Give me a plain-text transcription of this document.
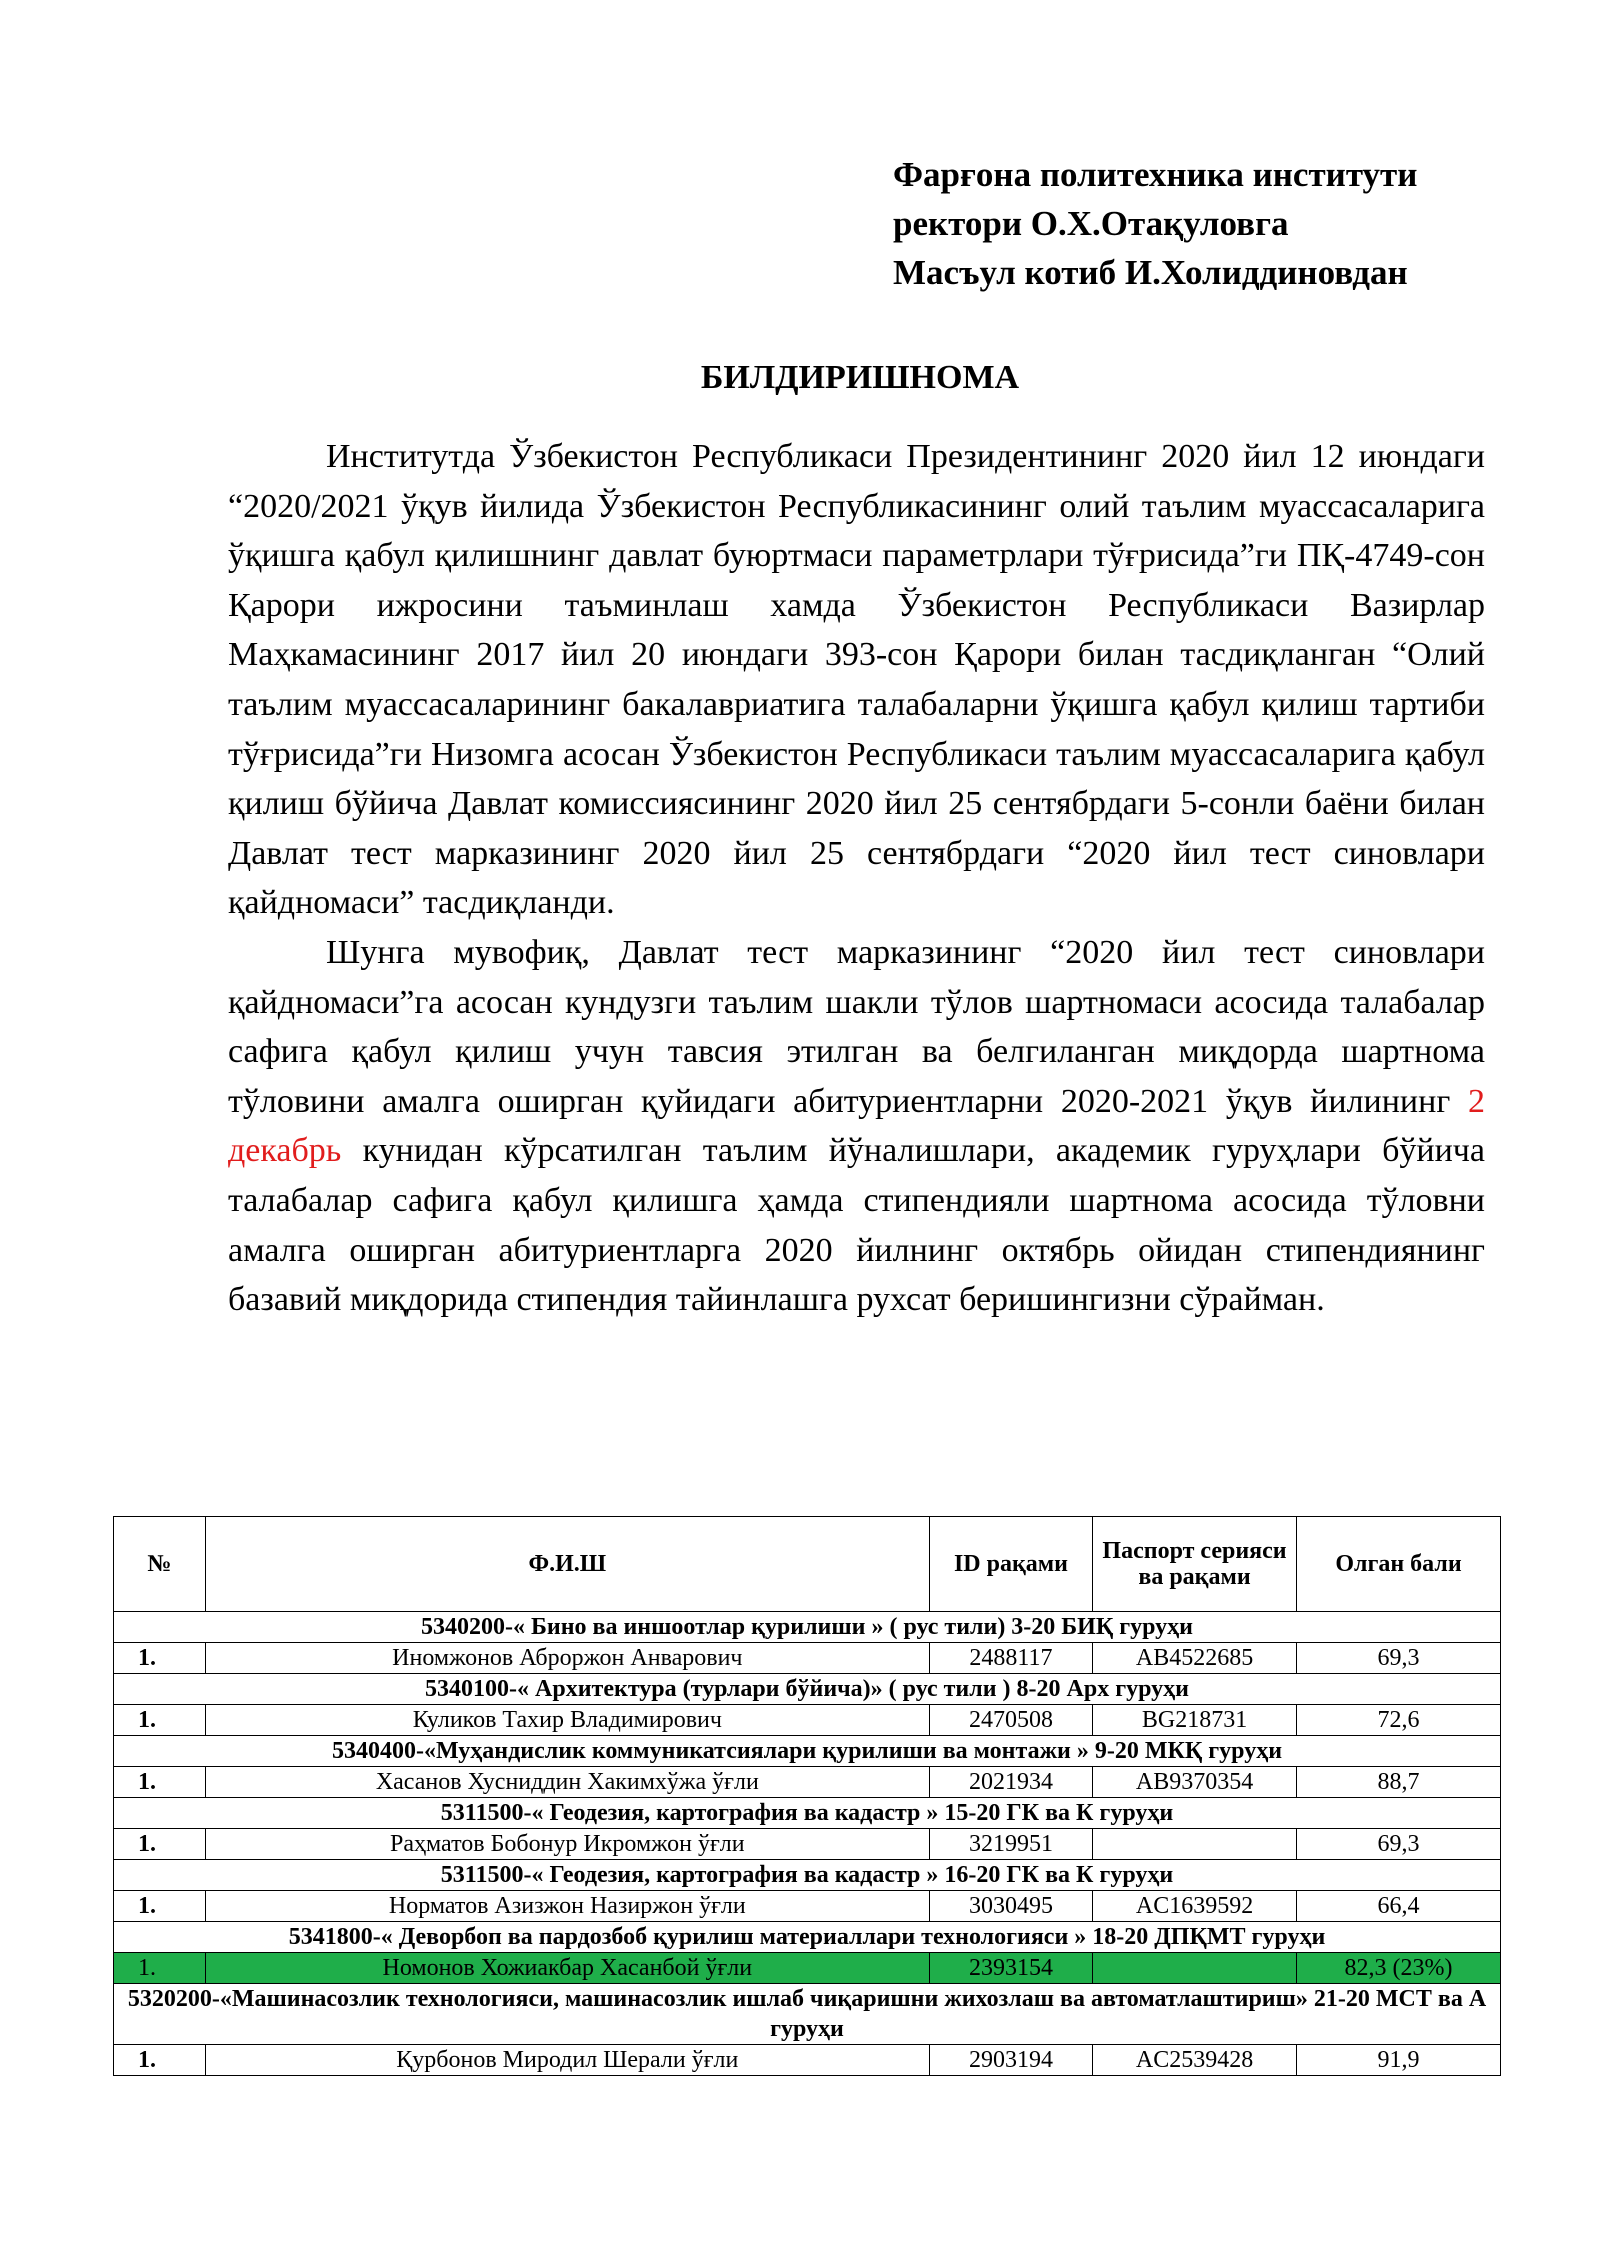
Фарғона политехника институти
ректори О.Х.Отақуловга
Масъул котиб И.Холиддиновдан
БИЛДИРИШНОМА

Институтда Ўзбекистон Республикаси Президентининг 2020 йил 12 июндаги “2020/2021 ўқув йилида Ўзбекистон Республикасининг олий таълим муассасаларига ўқишга қабул қилишнинг давлат буюртмаси параметрлари тўғрисида”ги ПҚ-4749-сон Қарори ижросини таъминлаш хамда Ўзбекистон Республикаси Вазирлар Маҳкамасининг 2017 йил 20 июндаги 393-сон Қарори билан тасдиқланган “Олий таълим муассасаларининг бакалавриатига талабаларни ўқишга қабул қилиш тартиби тўғрисида”ги Низомга асосан Ўзбекистон Республикаси таълим муассасаларига қабул қилиш бўйича Давлат комиссиясининг 2020 йил 25 сентябрдаги 5-сонли баёни билан Давлат тест марказининг 2020 йил 25 сентябрдаги “2020 йил тест синовлари қайдномаси” тасдиқланди.

Шунга мувофиқ, Давлат тест марказининг “2020 йил тест синовлари қайдномаси”га асосан кундузги таълим шакли тўлов шартномаси асосида талабалар сафига қабул қилиш учун тавсия этилган ва белгиланган миқдорда шартнома тўловини амалга оширган қуйидаги абитуриентларни 2020-2021 ўқув йилининг 2 декабрь кунидан кўрсатилган таълим йўналишлари, академик гуруҳлари бўйича талабалар сафига қабул қилишга ҳамда стипендияли шартнома асосида тўловни амалга оширган абитуриентларга 2020 йилнинг октябрь ойидан стипендиянинг базавий миқдорида стипендия тайинлашга рухсат беришингизни сўрайман.

№	Ф.И.Ш	ID рақами	Паспорт серияси ва рақами	Олган бали
5340200-« Бино ва иншоотлар қурилиши » ( рус тили) 3-20 БИҚ гуруҳи				
1.	Иномжонов Аброржон Анварович	2488117	AB4522685	69,3
5340100-« Архитектура (турлари бўйича)» ( рус тили ) 8-20 Арх гуруҳи				
1.	Куликов Тахир Владимирович	2470508	BG218731	72,6
5340400-«Муҳандислик коммуникатсиялари қурилиши ва монтажи » 9-20 МКҚ гуруҳи				
1.	Хасанов Хусниддин Хакимхўжа ўғли	2021934	AB9370354	88,7
5311500-« Геодезия, картография ва кадастр » 15-20 ГК ва К гуруҳи				
1.	Раҳматов Бобонур Икромжон ўғли	3219951		69,3
5311500-« Геодезия, картография ва кадастр » 16-20 ГК ва К гуруҳи				
1.	Норматов Азизжон Назиржон ўғли	3030495	AC1639592	66,4
5341800-« Деворбоп ва пардозбоб қурилиш материаллари технологияси » 18-20 ДПҚМТ гуруҳи				
1.	Номонов Хожиакбар Хасанбой ўғли	2393154		82,3 (23%)
5320200-«Машинасозлик технологияси, машинасозлик ишлаб чиқаришни жихозлаш ва автоматлаштириш» 21-20 МСТ ва А гуруҳи				
1.	Қурбонов Миродил Шерали ўғли	2903194	AC2539428	91,9
